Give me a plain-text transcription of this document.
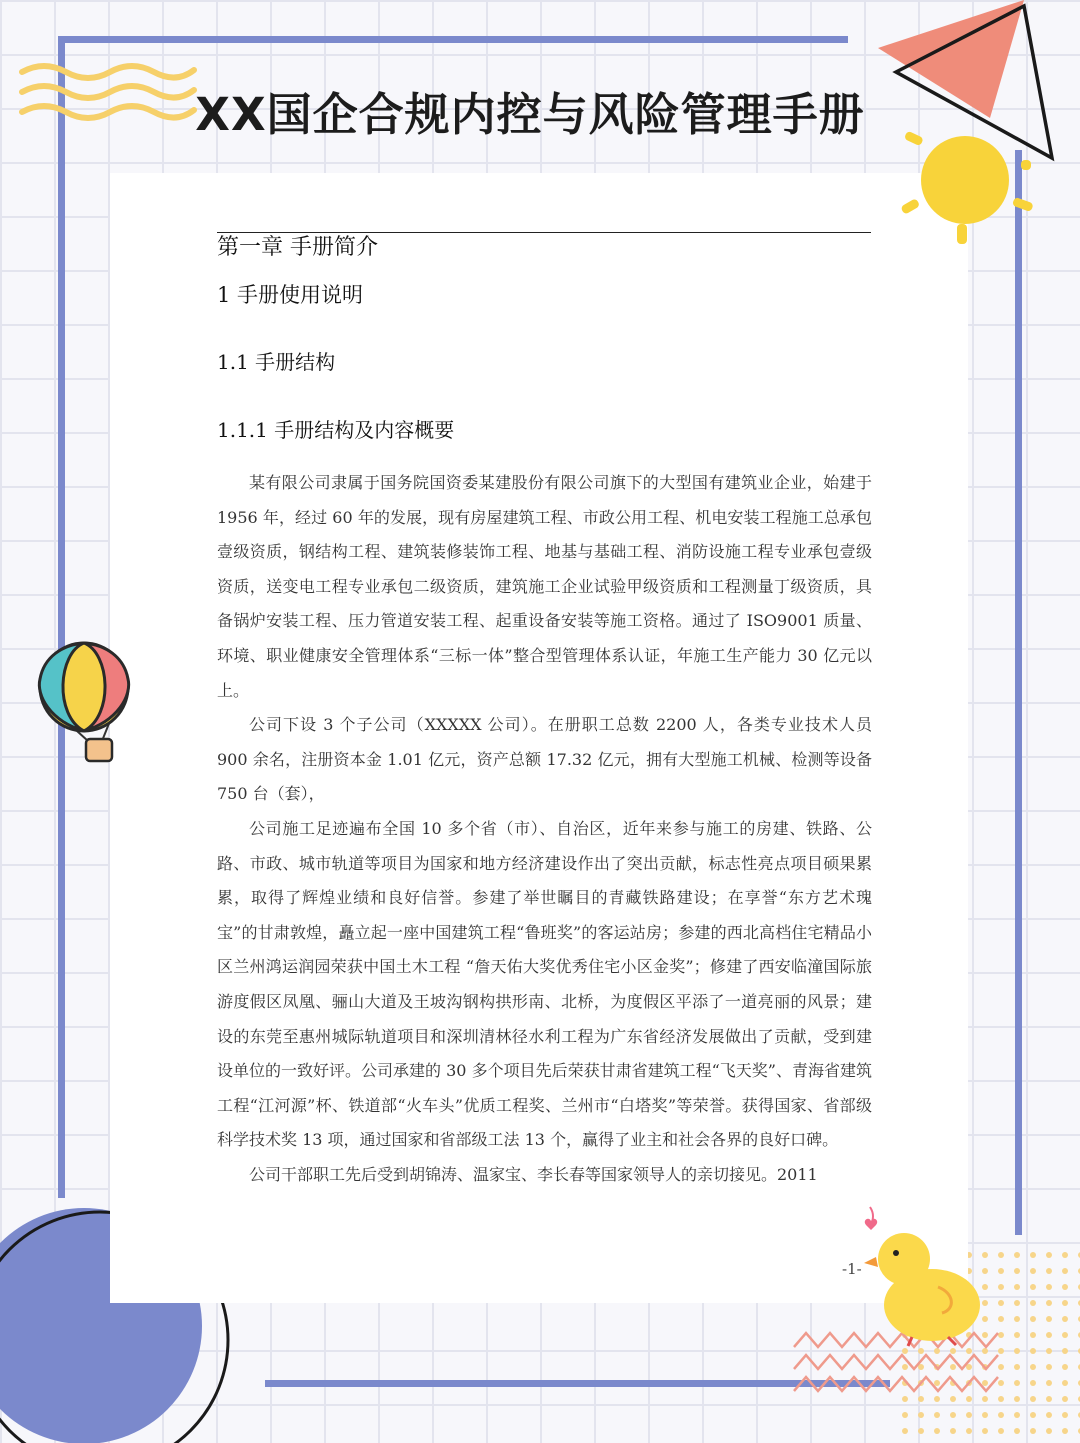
XX国企合规内控与风险管理手册
第一章 手册简介
1 手册使用说明
1.1 手册结构
1.1.1 手册结构及内容概要

某有限公司隶属于国务院国资委某建股份有限公司旗下的大型国有建筑业企业，始建于 1956 年，经过 60 年的发展，现有房屋建筑工程、市政公用工程、机电安装工程施工总承包壹级资质，钢结构工程、建筑装修装饰工程、地基与基础工程、消防设施工程专业承包壹级资质，送变电工程专业承包二级资质，建筑施工企业试验甲级资质和工程测量丁级资质，具备锅炉安装工程、压力管道安装工程、起重设备安装等施工资格。通过了 ISO9001 质量、环境、职业健康安全管理体系“三标一体”整合型管理体系认证，年施工生产能力 30 亿元以上。

公司下设 3 个子公司（XXXXX 公司）。在册职工总数 2200 人，各类专业技术人员 900 余名，注册资本金 1.01 亿元，资产总额 17.32 亿元，拥有大型施工机械、检测等设备 750 台（套），

公司施工足迹遍布全国 10 多个省（市）、自治区，近年来参与施工的房建、铁路、公路、市政、城市轨道等项目为国家和地方经济建设作出了突出贡献，标志性亮点项目硕果累累，取得了辉煌业绩和良好信誉。参建了举世瞩目的青藏铁路建设；在享誉“东方艺术瑰宝”的甘肃敦煌，矗立起一座中国建筑工程“鲁班奖”的客运站房；参建的西北高档住宅精品小区兰州鸿运润园荣获中国土木工程 “詹天佑大奖优秀住宅小区金奖”；修建了西安临潼国际旅游度假区凤凰、骊山大道及王坡沟钢构拱形南、北桥，为度假区平添了一道亮丽的风景；建设的东莞至惠州城际轨道项目和深圳清林径水利工程为广东省经济发展做出了贡献，受到建设单位的一致好评。公司承建的 30 多个项目先后荣获甘肃省建筑工程“飞天奖”、青海省建筑工程“江河源”杯、铁道部“火车头”优质工程奖、兰州市“白塔奖”等荣誉。获得国家、省部级科学技术奖 13 项，通过国家和省部级工法 13 个，赢得了业主和社会各界的良好口碑。

公司干部职工先后受到胡锦涛、温家宝、李长春等国家领导人的亲切接见。2011

-1-
